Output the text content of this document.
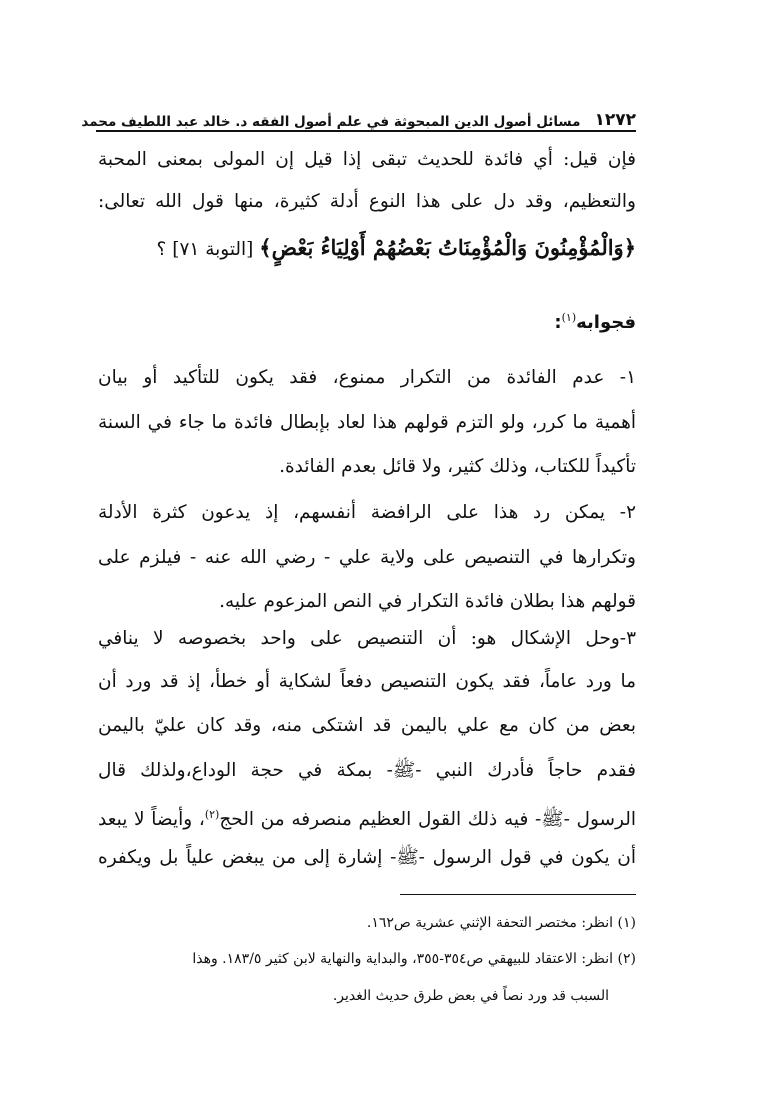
١٢٧٢
مسائل أصول الدين المبحوثة في علم أصول الفقه د. خالد عبد اللطيف محمد
فإن قيل: أي فائدة للحديث تبقى إذا قيل إن المولى بمعنى المحبة
والتعظيم، وقد دل على هذا النوع أدلة كثيرة، منها قول الله تعالى:
﴿وَالْمُؤْمِنُونَ وَالْمُؤْمِنَاتُ بَعْضُهُمْ أَوْلِيَاءُ بَعْضٍ﴾ [التوبة ٧١] ؟
فجوابه$^{(١)}$:
١- عدم الفائدة من التكرار ممنوع، فقد يكون للتأكيد أو بيان
أهمية ما كرر، ولو التزم قولهم هذا لعاد بإبطال فائدة ما جاء في السنة
تأكيداً للكتاب، وذلك كثير، ولا قائل بعدم الفائدة.
٢- يمكن رد هذا على الرافضة أنفسهم، إذ يدعون كثرة الأدلة
وتكرارها في التنصيص على ولاية علي - رضي الله عنه - فيلزم على
قولهم هذا بطلان فائدة التكرار في النص المزعوم عليه.
٣-وحل الإشكال هو: أن التنصيص على واحد بخصوصه لا ينافي
ما ورد عاماً، فقد يكون التنصيص دفعاً لشكاية أو خطأ، إذ قد ورد أن
بعض من كان مع علي باليمن قد اشتكى منه، وقد كان عليّ باليمن
فقدم حاجاً فأدرك النبي -ﷺ- بمكة في حجة الوداع،ولذلك قال
الرسول -ﷺ- فيه ذلك القول العظيم منصرفه من الحج$^{(٢)}$، وأيضاً لا يبعد
أن يكون في قول الرسول -ﷺ- إشارة إلى من يبغض علياً بل ويكفره
(١) انظر: مختصر التحفة الإثني عشرية ص١٦٢.
(٢) انظر: الاعتقاد للبيهقي ص٣٥٤-٣٥٥، والبداية والنهاية لابن كثير ١٨٣/٥. وهذا
السبب قد ورد نصاً في بعض طرق حديث الغدير.
